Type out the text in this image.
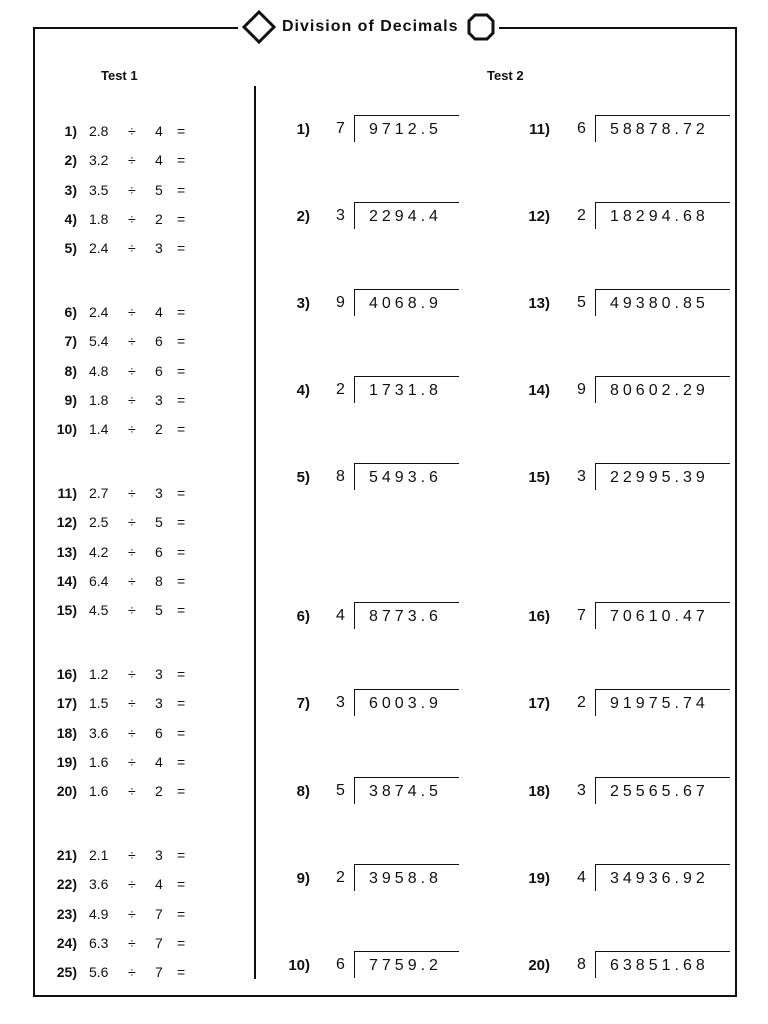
Division of Decimals
Test 1	Test 2
1) 2.8 ÷ 4 =
2) 3.2 ÷ 4 =
3) 3.5 ÷ 5 =
4) 1.8 ÷ 2 =
5) 2.4 ÷ 3 =
6) 2.4 ÷ 4 =
7) 5.4 ÷ 6 =
8) 4.8 ÷ 6 =
9) 1.8 ÷ 3 =
10) 1.4 ÷ 2 =
11) 2.7 ÷ 3 =
12) 2.5 ÷ 5 =
13) 4.2 ÷ 6 =
14) 6.4 ÷ 8 =
15) 4.5 ÷ 5 =
16) 1.2 ÷ 3 =
17) 1.5 ÷ 3 =
18) 3.6 ÷ 6 =
19) 1.6 ÷ 4 =
20) 1.6 ÷ 2 =
21) 2.1 ÷ 3 =
22) 3.6 ÷ 4 =
23) 4.9 ÷ 7 =
24) 6.3 ÷ 7 =
25) 5.6 ÷ 7 =
1) 7 9712.5
2) 3 2294.4
3) 9 4068.9
4) 2 1731.8
5) 8 5493.6
6) 4 8773.6
7) 3 6003.9
8) 5 3874.5
9) 2 3958.8
10) 6 7759.2
11) 6 58878.72
12) 2 18294.68
13) 5 49380.85
14) 9 80602.29
15) 3 22995.39
16) 7 70610.47
17) 2 91975.74
18) 3 25565.67
19) 4 34936.92
20) 8 63851.68
